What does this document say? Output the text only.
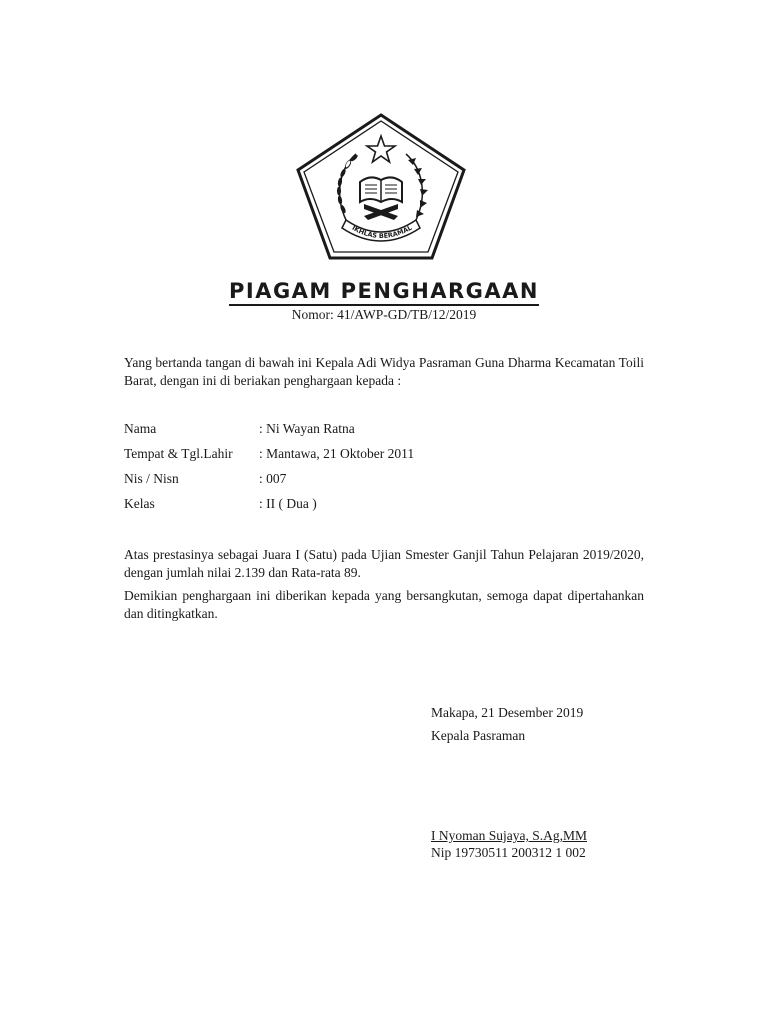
IKHLAS BERAMAL
PIAGAM PENGHARGAAN
Nomor: 41/AWP-GD/TB/12/2019
Yang bertanda tangan di bawah ini Kepala Adi Widya Pasraman Guna Dharma Kecamatan Toili Barat, dengan ini di beriakan penghargaan kepada :
Nama	: Ni Wayan Ratna
Tempat & Tgl.Lahir : Mantawa, 21 Oktober 2011
Nis / Nisn	: 007
Kelas	: II ( Dua )
Atas prestasinya sebagai Juara I (Satu) pada Ujian Smester Ganjil Tahun Pelajaran 2019/2020, dengan jumlah nilai 2.139 dan Rata-rata 89.
Demikian penghargaan ini diberikan kepada yang bersangkutan, semoga dapat dipertahankan dan ditingkatkan.
Makapa, 21 Desember 2019
Kepala Pasraman
I Nyoman Sujaya, S.Ag,MM
Nip 19730511 200312 1 002
